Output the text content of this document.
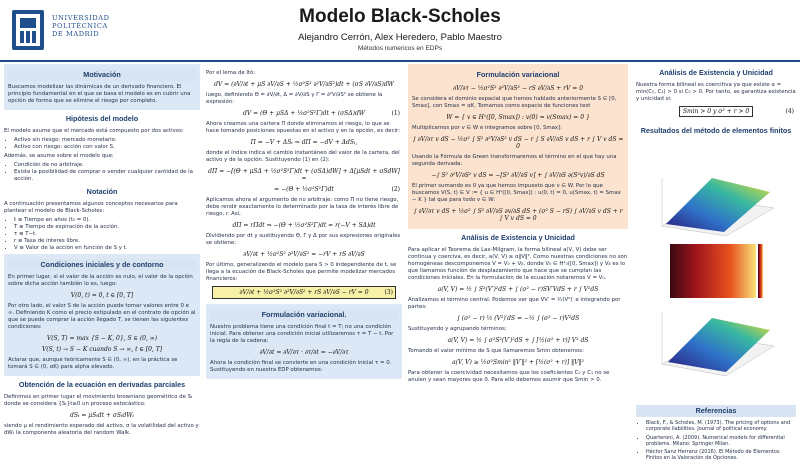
UNIVERSIDAD
POLITÉCNICA
DE MADRID
Modelo Black-Scholes
Alejandro Cerrón, Alex Heredero, Pablo Maestro
Métodos numericos en EDPs
Motivación

Buscamos modelizar las dinámicas de un derivado financiero. El principio fundamental en el que se basa el modelo es en cubrir una opción de forma que se elimine el riesgo por completo.

Hipótesis del modelo

El modelo asume que el mercado está compuesto por dos activos:

• Activo sin riesgo: mercado monetario.
• Activo con riesgo: acción con valor S.

Además, se asume sobre el modelo que:

• Condición de no arbitraje.
• Existe la posibilidad de comprar o vender cualquier cantidad de la acción.
Notación

A continuación presentamos algunos conceptos necesarios para plantear el modelo de Black-Scholes:

• t ≡ Tiempo en años (t₀ = 0).
• T ≡ Tiempo de expiración de la acción.
• τ ≡ T−t.
• r ≡ Tasa de interes libre.
• V ≡ Valor de la acción en función de S y t.
Condiciones iniciales y de contorno

En primer lugar, si el valor de la acción es nulo, el valor de la opción sobre dicha acción también lo es, luego:

V(0, t) = 0, t ∈ [0, T]

Por otro lado, el valor S de la acción puede tomar valores entre 0 e ∞. Definiendo K como el precio estipulado en el contrato de opción al que se puede comprar la acción llegado T, se tienen las siguientes condiciones:

V(S, T) = max {S − K, 0}, S ∈ (0, ∞)
V(S, t) → S − K cuando S → ∞, t ∈ [0, T]

Aclarar que, aunque teóricamente S ∈ (0, ∞), en la práctica se tomará S ∈ (0, αK) para alpha elevado.

Obtención de la ecuación en derivadas parciales

Definimos en primer lugar el movimiento browniano geométrico de Sₜ donde se considera {Sₜ}t≥0 un proceso estocástico:

dSₜ = μSₜdt + σSₜdWₜ

siendo μ el rendimiento esperado del activo, σ la volatilidad del activo y dWₜ la componente aleatoria del random Walk.

Por el lema de Itô:

dV = (∂V/∂t + μS ∂V/∂S + ½σ²S² ∂²V/∂S²)dt + (σS ∂V/∂S)dW

luego, definiendo Θ = ∂V/∂t, Δ = ∂V/∂S y Γ = ∂²V/∂S² se obtiene la expresión:

dV = (Θ + μSΔ + ½σ²S²Γ)dt + (σSΔ)dW	(1)

Ahora creamos una cartera Π donde eliminamos el riesgo, lo que se hace tomando posiciones opuestas en el activo y en la opción, es decir:

Π = −V + ΔSₜ ⇒ dΠ = −dV + ΔdSₜ,

donde el índice indica el cambio instantáneo del valor de la cartera, del activo y de la opción. Sustituyendo (1) en (2):

dΠ = −[(Θ + μSΔ + ½σ²S²Γ)dt + (σSΔ)dW] + Δ[μSdt + σSdW] =
= −(Θ + ½σ²S²Γ)dt	(2)

Aplicamos ahora el argumento de no arbitraje: como Π no tiene riesgo, debe rendir exactamente lo determinado por la tasa de interés libre de riesgo, r. Así,

dΠ = rΠdt ⇒ −(Θ + ½σ²S²Γ)dt = r(−V + SΔ)dt

Dividiendo por dt y sustituyendo Θ, Γ y Δ por sus expresiones originales se obtiene:

∂V/∂t + ½σ²S² ∂²V/∂S² = −rV + rS ∂V/∂S

Por último, generalizando el modelo para S > 0 independiente de t, se llega a la ecuación de Black-Scholes que permite modelizar mercados financieros:

∂V/∂t + ½σ²S² ∂²V/∂S² + rS ∂V/∂S − rV = 0	(3)
Formulación variacional.

Nuestro problema tiene una condición final t = T; no una condición inicial. Para obtener una condición inicial utilizaremos τ = T − t. Por la regla de la cadena:

∂V/∂t = ∂V/∂τ · ∂τ/∂t = −∂V/∂τ

Ahora la condición final se convierte en una condición inicial τ = 0. Sustituyendo en nuestra EDP obtenemos:

Formulación variacional
∂V/∂τ − ½σ²S² ∂²V/∂S² − rS ∂V/∂S + rV = 0

Se considera el dominio espacial que hemos hablado anteriormente S ∈ [0, Smax], con Smax = αK. Tomamos como espacio de funciones test

W = { v ∈ H¹([0, Smax]) : v(0) = v(Smax) = 0 }

Multiplicamos por v ∈ W e integramos sobre [0, Smax]:

∫ ∂V/∂τ v dS − ½σ² ∫ S² ∂²V/∂S² v dS − r ∫ S ∂V/∂S v dS + r ∫ V v dS = 0

Usando la Fórmula de Green transformaremos el término en el que hay una segunda derivada:

−∫ S² ∂²V/∂S² v dS = −[S² ∂V/∂S v] + ∫ ∂V/∂S ∂(S²v)/∂S dS

El primer sumando es 0 ya que hemos impuesto que v ∈ W. Por lo que buscamos V(S, t) ∈ V := { u ∈ H¹([0, Smax]) : u(0, t) = 0, u(Smax, t) = Smax − K } tal que para todo v ∈ W:

∫ ∂V/∂τ v dS + ½σ² ∫ S² ∂V/∂S ∂v/∂S dS + (σ² S − rS) ∫ ∂V/∂S v dS + r ∫ V v dS = 0
Análisis de Existencia y Unicidad

Para aplicar el Teorema de Lax-Milgram, la forma bilineal a(V, V) debe ser continua y coerciva, es decir, a(V, V) ≥ α‖V‖². Como nuestras condiciones no son homogéneas descomponemos V = V₀ + Vᵦ, donde V₀ ∈ H¹₀([0, Smax]) y Vᵦ es lo que llamamos función de desplazamiento que hace que se cumplan las condiciones iniciales. En la formulación de la ecuación notaremos V = V₀.

a(V, V) = ½ ∫ S²(V′)²dS + ∫ (σ² − r)SV′VdS + r ∫ V²dS

Analizamos el término central. Podemos ver que VV′ = ½(V²)′ e integrando por partes:

∫ (σ² − r) ½ (V²)′dS = −½ ∫ (σ² − r)V²dS

Sustituyendo y agrupando términos:

a(V, V) = ½ ∫ σ²S²(V′)²dS + ∫ [½(σ² + r)] V² dS

Tomando el valor mínimo de S que llamaremos Smin obtenemos:

a(V, V) ≥ ½σ²Smin² ‖V′‖² + [½(σ² + r)] ‖V‖²

Para obtener la coercividad necesitamos que los coeficientes C₀ y C₁ no se anulen y sean mayores que 0. Para ello debemos asumir que Smin > 0.

Análisis de Existencia y Unicidad

Nuestra forma bilineal es coercitiva ya que existe α = min(C₀, C₁) > 0 si C₀ > 0. Por tanto, se garantiza existencia y unicidad si:

Smin > 0 y σ² + r > 0	(4)
Resultados del método de elementos finitos
Referencias
• Black, F., & Scholes, M. (1973). The pricing of options and corporate liabilities. Journal of political economy.
• Quarteroni, A. (2009). Numerical models for differential problems. Milano: Springer Milan.
• Héctor Sanz Herranz (2016). El Método de Elementos Finitos en la Valoración de Opciones.
